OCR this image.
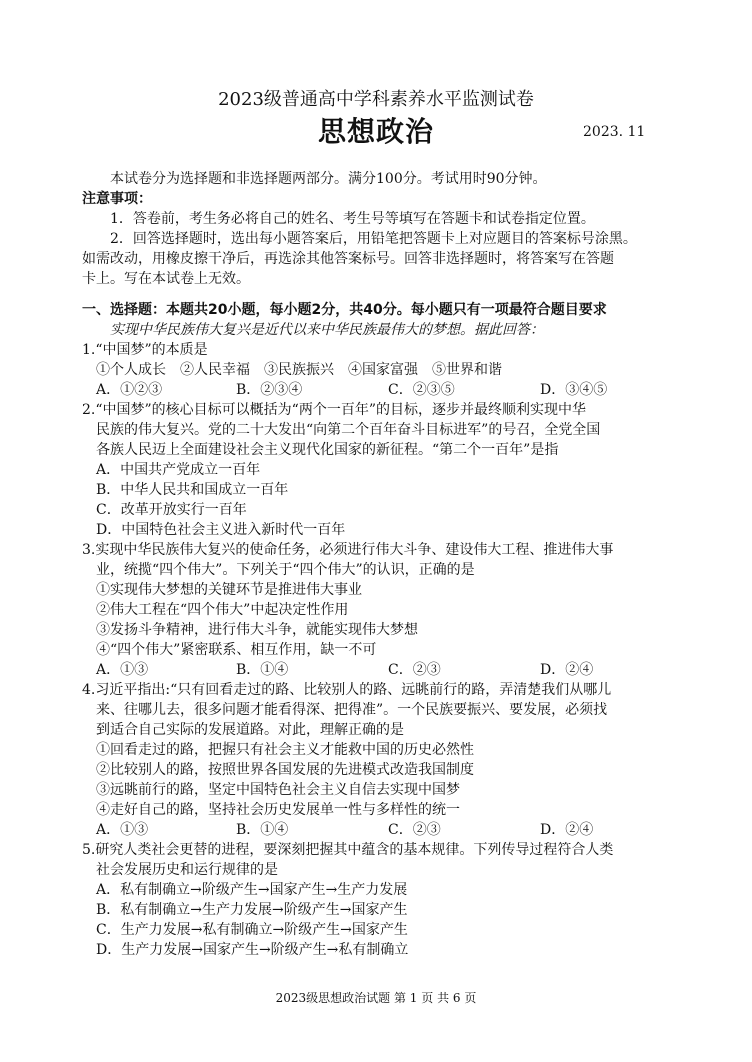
2023级普通高中学科素养水平监测试卷
思想政治	2023. 11
本试卷分为选择题和非选择题两部分。满分100分。考试用时90分钟。
注意事项：
1．答卷前，考生务必将自己的姓名、考生号等填写在答题卡和试卷指定位置。
2．回答选择题时，选出每小题答案后，用铅笔把答题卡上对应题目的答案标号涂黑。
如需改动，用橡皮擦干净后，再选涂其他答案标号。回答非选择题时，将答案写在答题
卡上。写在本试卷上无效。
一、选择题：本题共20小题，每小题2分，共40分。每小题只有一项最符合题目要求
实现中华民族伟大复兴是近代以来中华民族最伟大的梦想。据此回答：
1.“中国梦”的本质是
①个人成长　②人民幸福　③民族振兴　④国家富强　⑤世界和谐
A．①②③	B．②③④	C．②③⑤	D．③④⑤
2.“中国梦”的核心目标可以概括为“两个一百年”的目标，逐步并最终顺利实现中华
民族的伟大复兴。党的二十大发出“向第二个百年奋斗目标进军”的号召，全党全国
各族人民迈上全面建设社会主义现代化国家的新征程。“第二个一百年”是指
A．中国共产党成立一百年
B．中华人民共和国成立一百年
C．改革开放实行一百年
D．中国特色社会主义进入新时代一百年
3.实现中华民族伟大复兴的使命任务，必须进行伟大斗争、建设伟大工程、推进伟大事
业，统揽“四个伟大”。下列关于“四个伟大”的认识，正确的是
①实现伟大梦想的关键环节是推进伟大事业
②伟大工程在“四个伟大”中起决定性作用
③发扬斗争精神，进行伟大斗争，就能实现伟大梦想
④“四个伟大”紧密联系、相互作用，缺一不可
A．①③	B．①④	C．②③	D．②④
4.习近平指出:“只有回看走过的路、比较别人的路、远眺前行的路，弄清楚我们从哪儿
来、往哪儿去，很多问题才能看得深、把得准”。一个民族要振兴、要发展，必须找
到适合自己实际的发展道路。对此，理解正确的是
①回看走过的路，把握只有社会主义才能救中国的历史必然性
②比较别人的路，按照世界各国发展的先进模式改造我国制度
③远眺前行的路，坚定中国特色社会主义自信去实现中国梦
④走好自己的路，坚持社会历史发展单一性与多样性的统一
A．①③	B．①④	C．②③	D．②④
5.研究人类社会更替的进程，要深刻把握其中蕴含的基本规律。下列传导过程符合人类
社会发展历史和运行规律的是
A．私有制确立→阶级产生→国家产生→生产力发展
B．私有制确立→生产力发展→阶级产生→国家产生
C．生产力发展→私有制确立→阶级产生→国家产生
D．生产力发展→国家产生→阶级产生→私有制确立
2023级思想政治试题 第 1 页 共 6 页
